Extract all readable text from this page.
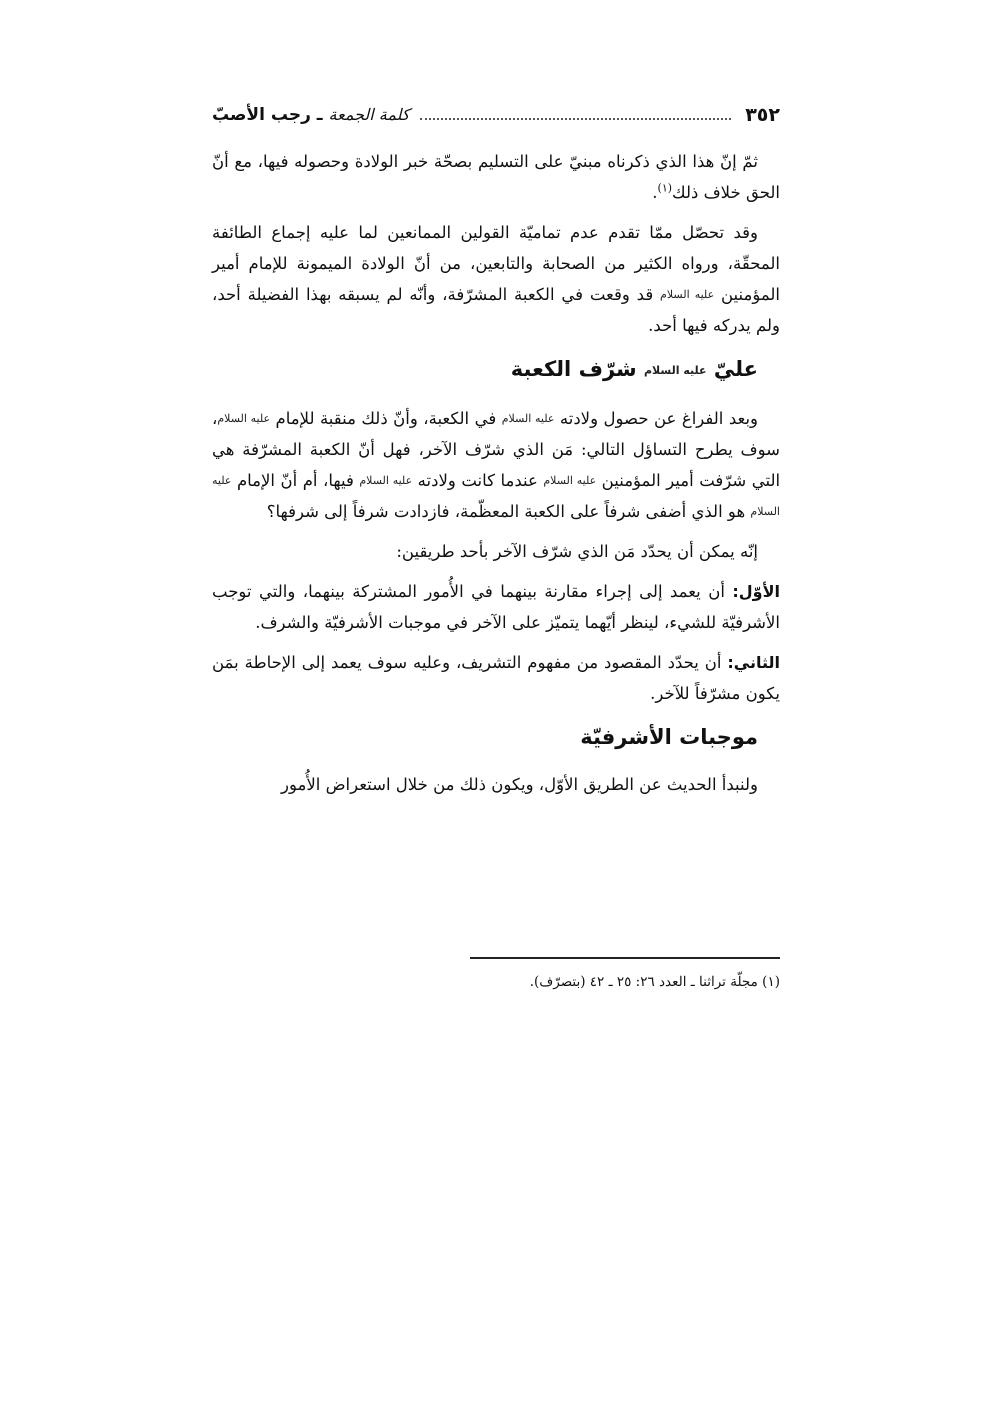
٣٥٢
كلمة الجمعة ـ رجب الأصبّ

ثمّ إنّ هذا الذي ذكرناه مبنيّ على التسليم بصحّة خبر الولادة وحصوله فيها، مع أنّ الحق خلاف ذلك$^{(١)}$.

وقد تحصّل ممّا تقدم عدم تماميّة القولين الممانعين لما عليه إجماع الطائفة المحقّة، ورواه الكثير من الصحابة والتابعين، من أنّ الولادة الميمونة للإمام أمير المؤمنين عليه السلام قد وقعت في الكعبة المشرّفة، وأنّه لم يسبقه بهذا الفضيلة أحد، ولم يدركه فيها أحد.

عليّ عليه السلام شرّف الكعبة

وبعد الفراغ عن حصول ولادته عليه السلام في الكعبة، وأنّ ذلك منقبة للإمام عليه السلام، سوف يطرح التساؤل التالي: مَن الذي شرّف الآخر، فهل أنّ الكعبة المشرّفة هي التي شرّفت أمير المؤمنين عليه السلام عندما كانت ولادته عليه السلام فيها، أم أنّ الإمام عليه السلام هو الذي أضفى شرفاً على الكعبة المعظّمة، فازدادت شرفاً إلى شرفها؟

إنّه يمكن أن يحدّد مَن الذي شرّف الآخر بأحد طريقين:

الأوّل: أن يعمد إلى إجراء مقارنة بينهما في الأُمور المشتركة بينهما، والتي توجب الأشرفيّة للشيء، لينظر أيّهما يتميّز على الآخر في موجبات الأشرفيّة والشرف.

الثاني: أن يحدّد المقصود من مفهوم التشريف، وعليه سوف يعمد إلى الإحاطة بمَن يكون مشرّفاً للآخر.

موجبات الأشرفيّة

ولنبدأ الحديث عن الطريق الأوّل، ويكون ذلك من خلال استعراض الأُمور

(١) مجلّة تراثنا ـ العدد ٢٦: ٢٥ ـ ٤٢ (بتصرّف).
